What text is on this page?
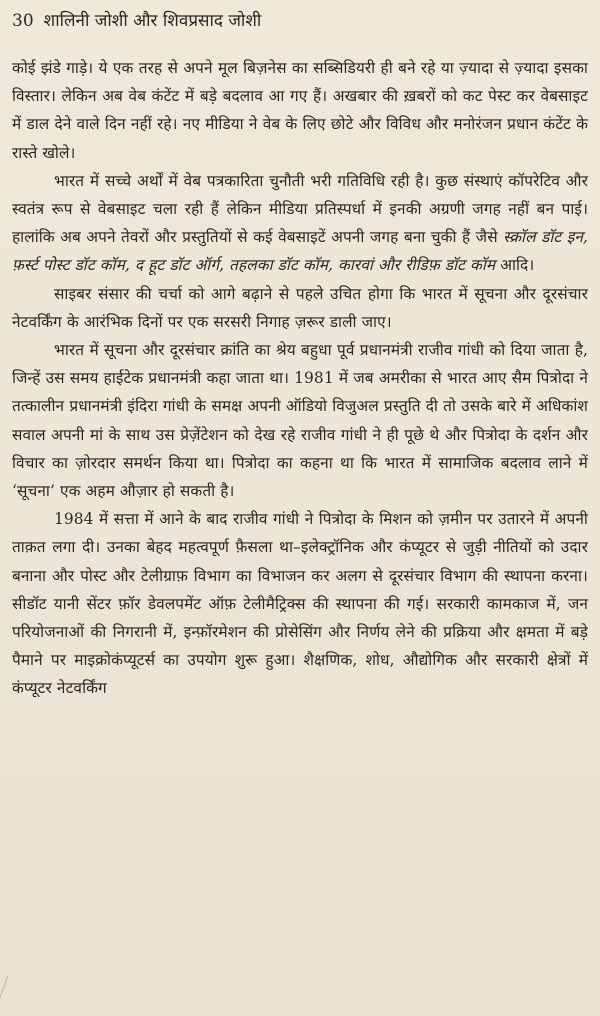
30 शालिनी जोशी और शिवप्रसाद जोशी

कोई झंडे गाड़े। ये एक तरह से अपने मूल बिज़नेस का सब्सिडियरी ही बने रहे या ज़्यादा से ज़्यादा इसका विस्तार। लेकिन अब वेब कंटेंट में बड़े बदलाव आ गए हैं। अखबार की ख़बरों को कट पेस्ट कर वेबसाइट में डाल देने वाले दिन नहीं रहे। नए मीडिया ने वेब के लिए छोटे और विविध और मनोरंजन प्रधान कंटेंट के रास्ते खोले।

भारत में सच्चे अर्थों में वेब पत्रकारिता चुनौती भरी गतिविधि रही है। कुछ संस्थाएं कॉपरेटिव और स्वतंत्र रूप से वेबसाइट चला रही हैं लेकिन मीडिया प्रतिस्पर्धा में इनकी अग्रणी जगह नहीं बन पाई। हालांकि अब अपने तेवरों और प्रस्तुतियों से कई वेबसाइटें अपनी जगह बना चुकी हैं जैसे स्क्रॉल डॉट इन, फ़र्स्ट पोस्ट डॉट कॉम, द हूट डॉट ऑर्ग, तहलका डॉट कॉम, कारवां और रीडिफ़ डॉट कॉम आदि।

साइबर संसार की चर्चा को आगे बढ़ाने से पहले उचित होगा कि भारत में सूचना और दूरसंचार नेटवर्किंग के आरंभिक दिनों पर एक सरसरी निगाह ज़रूर डाली जाए।

भारत में सूचना और दूरसंचार क्रांति का श्रेय बहुधा पूर्व प्रधानमंत्री राजीव गांधी को दिया जाता है, जिन्हें उस समय हाईटेक प्रधानमंत्री कहा जाता था। 1981 में जब अमरीका से भारत आए सैम पित्रोदा ने तत्कालीन प्रधानमंत्री इंदिरा गांधी के समक्ष अपनी ऑडियो विजुअल प्रस्तुति दी तो उसके बारे में अधिकांश सवाल अपनी मां के साथ उस प्रेज़ेंटेशन को देख रहे राजीव गांधी ने ही पूछे थे और पित्रोदा के दर्शन और विचार का ज़ोरदार समर्थन किया था। पित्रोदा का कहना था कि भारत में सामाजिक बदलाव लाने में ‘सूचना’ एक अहम औज़ार हो सकती है।

1984 में सत्ता में आने के बाद राजीव गांधी ने पित्रोदा के मिशन को ज़मीन पर उतारने में अपनी ताक़त लगा दी। उनका बेहद महत्वपूर्ण फ़ैसला था–इलेक्ट्रॉनिक और कंप्यूटर से जुड़ी नीतियों को उदार बनाना और पोस्ट और टेलीग्राफ़ विभाग का विभाजन कर अलग से दूरसंचार विभाग की स्थापना करना। सीडॉट यानी सेंटर फ़ॉर डेवलपमेंट ऑफ़ टेलीमैट्रिक्स की स्थापना की गई। सरकारी कामकाज में, जन परियोजनाओं की निगरानी में, इन्फ़ॉरमेशन की प्रोसेसिंग और निर्णय लेने की प्रक्रिया और क्षमता में बड़े पैमाने पर माइक्रोकंप्यूटर्स का उपयोग शुरू हुआ। शैक्षणिक, शोध, औद्योगिक और सरकारी क्षेत्रों में कंप्यूटर नेटवर्किंग
